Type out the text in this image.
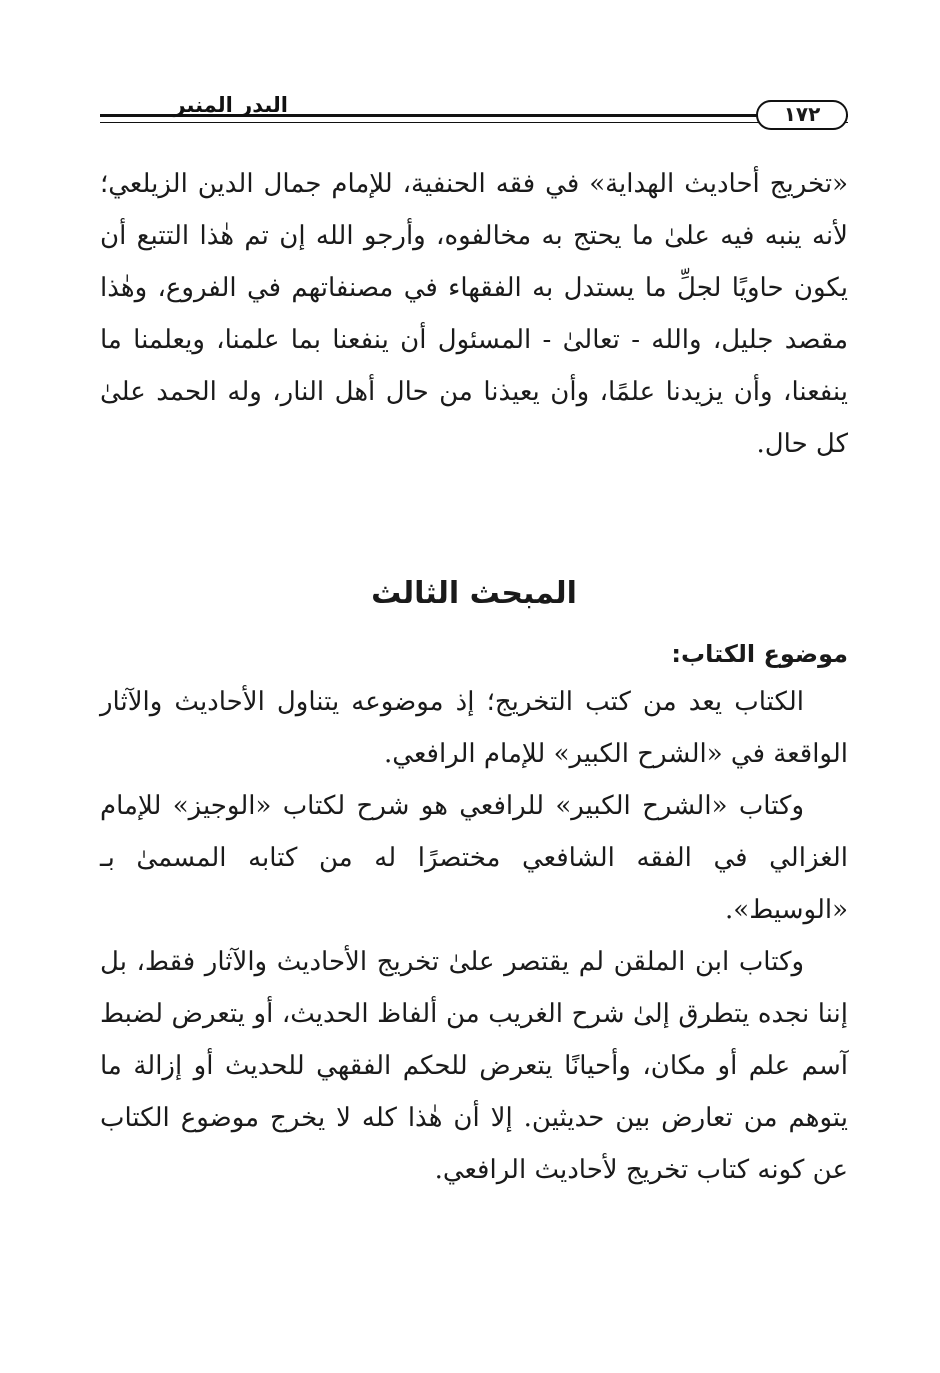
١٧٢
البدر المنير
«تخريج أحاديث الهداية» في فقه الحنفية، للإمام جمال الدين الزيلعي؛ لأنه ينبه فيه علىٰ ما يحتج به مخالفوه، وأرجو الله إن تم هٰذا التتبع أن يكون حاويًا لجلِّ ما يستدل به الفقهاء في مصنفاتهم في الفروع، وهٰذا مقصد جليل، والله - تعالىٰ - المسئول أن ينفعنا بما علمنا، ويعلمنا ما ينفعنا، وأن يزيدنا علمًا، وأن يعيذنا من حال أهل النار، وله الحمد علىٰ كل حال.
المبحث الثالث
موضوع الكتاب:

الكتاب يعد من كتب التخريج؛ إذ موضوعه يتناول الأحاديث والآثار الواقعة في «الشرح الكبير» للإمام الرافعي.

وكتاب «الشرح الكبير» للرافعي هو شرح لكتاب «الوجيز» للإمام الغزالي في الفقه الشافعي مختصرًا له من كتابه المسمىٰ بـ «الوسيط».

وكتاب ابن الملقن لم يقتصر علىٰ تخريج الأحاديث والآثار فقط، بل إننا نجده يتطرق إلىٰ شرح الغريب من ألفاظ الحديث، أو يتعرض لضبط آسم علم أو مكان، وأحيانًا يتعرض للحكم الفقهي للحديث أو إزالة ما يتوهم من تعارض بين حديثين. إلا أن هٰذا كله لا يخرج موضوع الكتاب عن كونه كتاب تخريج لأحاديث الرافعي.
